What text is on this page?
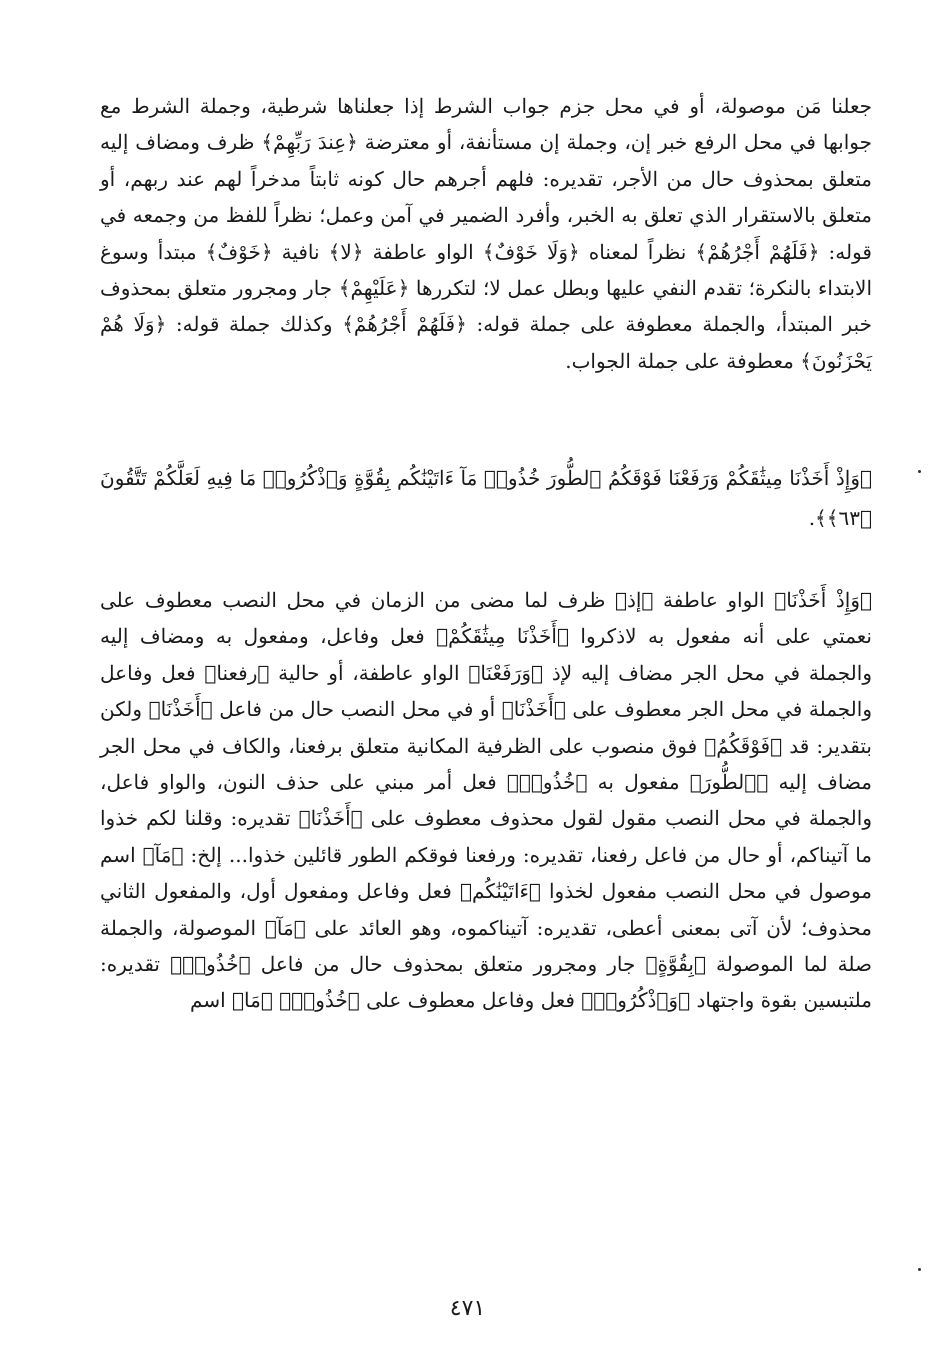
جعلنا مَن موصولة، أو في محل جزم جواب الشرط إذا جعلناها شرطية، وجملة الشرط مع جوابها في محل الرفع خبر إن، وجملة إن مستأنفة، أو معترضة ﴿عِندَ رَبِّهِمْ﴾ ظرف ومضاف إليه متعلق بمحذوف حال من الأجر، تقديره: فلهم أجرهم حال كونه ثابتاً مدخراً لهم عند ربهم، أو متعلق بالاستقرار الذي تعلق به الخبر، وأفرد الضمير في آمن وعمل؛ نظراً للفظ من وجمعه في قوله: ﴿فَلَهُمْ أَجْرُهُمْ﴾ نظراً لمعناه ﴿وَلَا خَوْفٌ﴾ الواو عاطفة ﴿لا﴾ نافية ﴿خَوْفٌ﴾ مبتدأ وسوغ الابتداء بالنكرة؛ تقدم النفي عليها وبطل عمل لا؛ لتكررها ﴿عَلَيْهِمْ﴾ جار ومجرور متعلق بمحذوف خبر المبتدأ، والجملة معطوفة على جملة قوله: ﴿فَلَهُمْ أَجْرُهُمْ﴾ وكذلك جملة قوله: ﴿وَلَا هُمْ يَحْزَنُونَ﴾ معطوفة على جملة الجواب.

﴿وَإِذْ أَخَذْنَا مِيثَٰقَكُمْ وَرَفَعْنَا فَوْقَكُمُ ٱلطُّورَ خُذُوا۟ مَآ ءَاتَيْنَٰكُم بِقُوَّةٍ وَٱذْكُرُوا۟ مَا فِيهِ لَعَلَّكُمْ تَتَّقُونَ ﴿٦٣﴾﴾.

﴿وَإِذْ أَخَذْنَا﴾ الواو عاطفة ﴿إذ﴾ ظرف لما مضى من الزمان في محل النصب معطوف على نعمتي على أنه مفعول به لاذكروا ﴿أَخَذْنَا مِيثَٰقَكُمْ﴾ فعل وفاعل، ومفعول به ومضاف إليه والجملة في محل الجر مضاف إليه لإذ ﴿وَرَفَعْنَا﴾ الواو عاطفة، أو حالية ﴿رفعنا﴾ فعل وفاعل والجملة في محل الجر معطوف على ﴿أَخَذْنَا﴾ أو في محل النصب حال من فاعل ﴿أَخَذْنَا﴾ ولكن بتقدير: قد ﴿فَوْقَكُمُ﴾ فوق منصوب على الظرفية المكانية متعلق برفعنا، والكاف في محل الجر مضاف إليه ﴿ٱلطُّورَ﴾ مفعول به ﴿خُذُوا۟﴾ فعل أمر مبني على حذف النون، والواو فاعل، والجملة في محل النصب مقول لقول محذوف معطوف على ﴿أَخَذْنَا﴾ تقديره: وقلنا لكم خذوا ما آتيناكم، أو حال من فاعل رفعنا، تقديره: ورفعنا فوقكم الطور قائلين خذوا... إلخ: ﴿مَآ﴾ اسم موصول في محل النصب مفعول لخذوا ﴿ءَاتَيْنَٰكُم﴾ فعل وفاعل ومفعول أول، والمفعول الثاني محذوف؛ لأن آتى بمعنى أعطى، تقديره: آتيناكموه، وهو العائد على ﴿مَآ﴾ الموصولة، والجملة صلة لما الموصولة ﴿بِقُوَّةٍ﴾ جار ومجرور متعلق بمحذوف حال من فاعل ﴿خُذُوا۟﴾ تقديره: ملتبسين بقوة واجتهاد ﴿وَٱذْكُرُوا۟﴾ فعل وفاعل معطوف على ﴿خُذُوا۟﴾ ﴿مَا﴾ اسم

٤٧١
